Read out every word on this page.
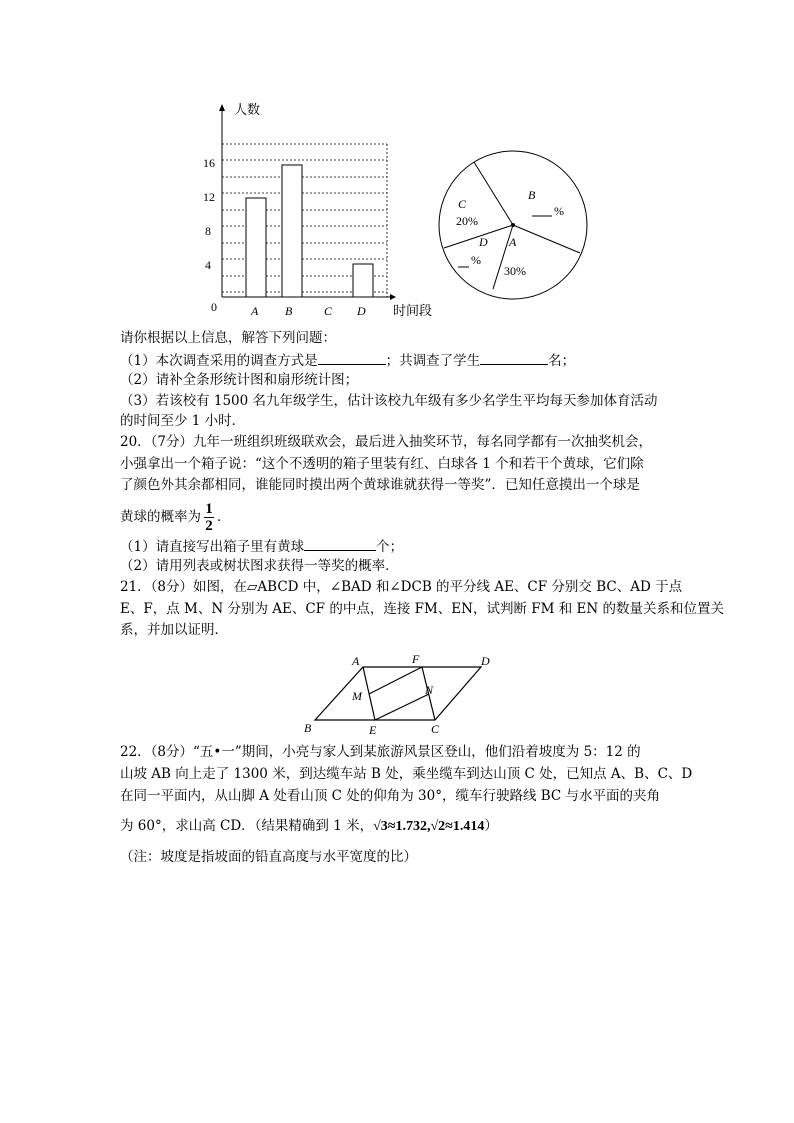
人数
时间段
0
4
8
12
16
A B	C D
B
%
C
20%
D
%
A
30%
请你根据以上信息，解答下列问题：
（1）本次调查采用的调查方式是	；共调查了学生	名；
（2）请补全条形统计图和扇形统计图；
（3）若该校有 1500 名九年级学生，估计该校九年级有多少名学生平均每天参加体育活动
的时间至少 1 小时．
20．（7分）九年一班组织班级联欢会，最后进入抽奖环节，每名同学都有一次抽奖机会，
小强拿出一个箱子说：“这个不透明的箱子里装有红、白球各 1 个和若干个黄球，它们除
了颜色外其余都相同，谁能同时摸出两个黄球谁就获得一等奖”．已知任意摸出一个球是
黄球的概率为 $\frac{1}{2}$ ．
（1）请直接写出箱子里有黄球	个；
（2）请用列表或树状图求获得一等奖的概率．
21．（8分）如图，在▱ABCD 中，∠BAD 和∠DCB 的平分线 AE、CF 分别交 BC、AD 于点
E、F，点 M、N 分别为 AE、CF 的中点，连接 FM、EN，试判断 FM 和 EN 的数量关系和位置关
系，并加以证明．
A	F	D
M	N
B	E	C
22．（8分）“五•一”期间，小亮与家人到某旅游风景区登山，他们沿着坡度为 5：12 的
山坡 AB 向上走了 1300 米，到达缆车站 B 处，乘坐缆车到达山顶 C 处，已知点 A、B、C、D
在同一平面内，从山脚 A 处看山顶 C 处的仰角为 30°，缆车行驶路线 BC 与水平面的夹角
为 60°，求山高 CD．（结果精确到 1 米，√3≈1.732,√2≈1.414）
（注：坡度是指坡面的铅直高度与水平宽度的比）
